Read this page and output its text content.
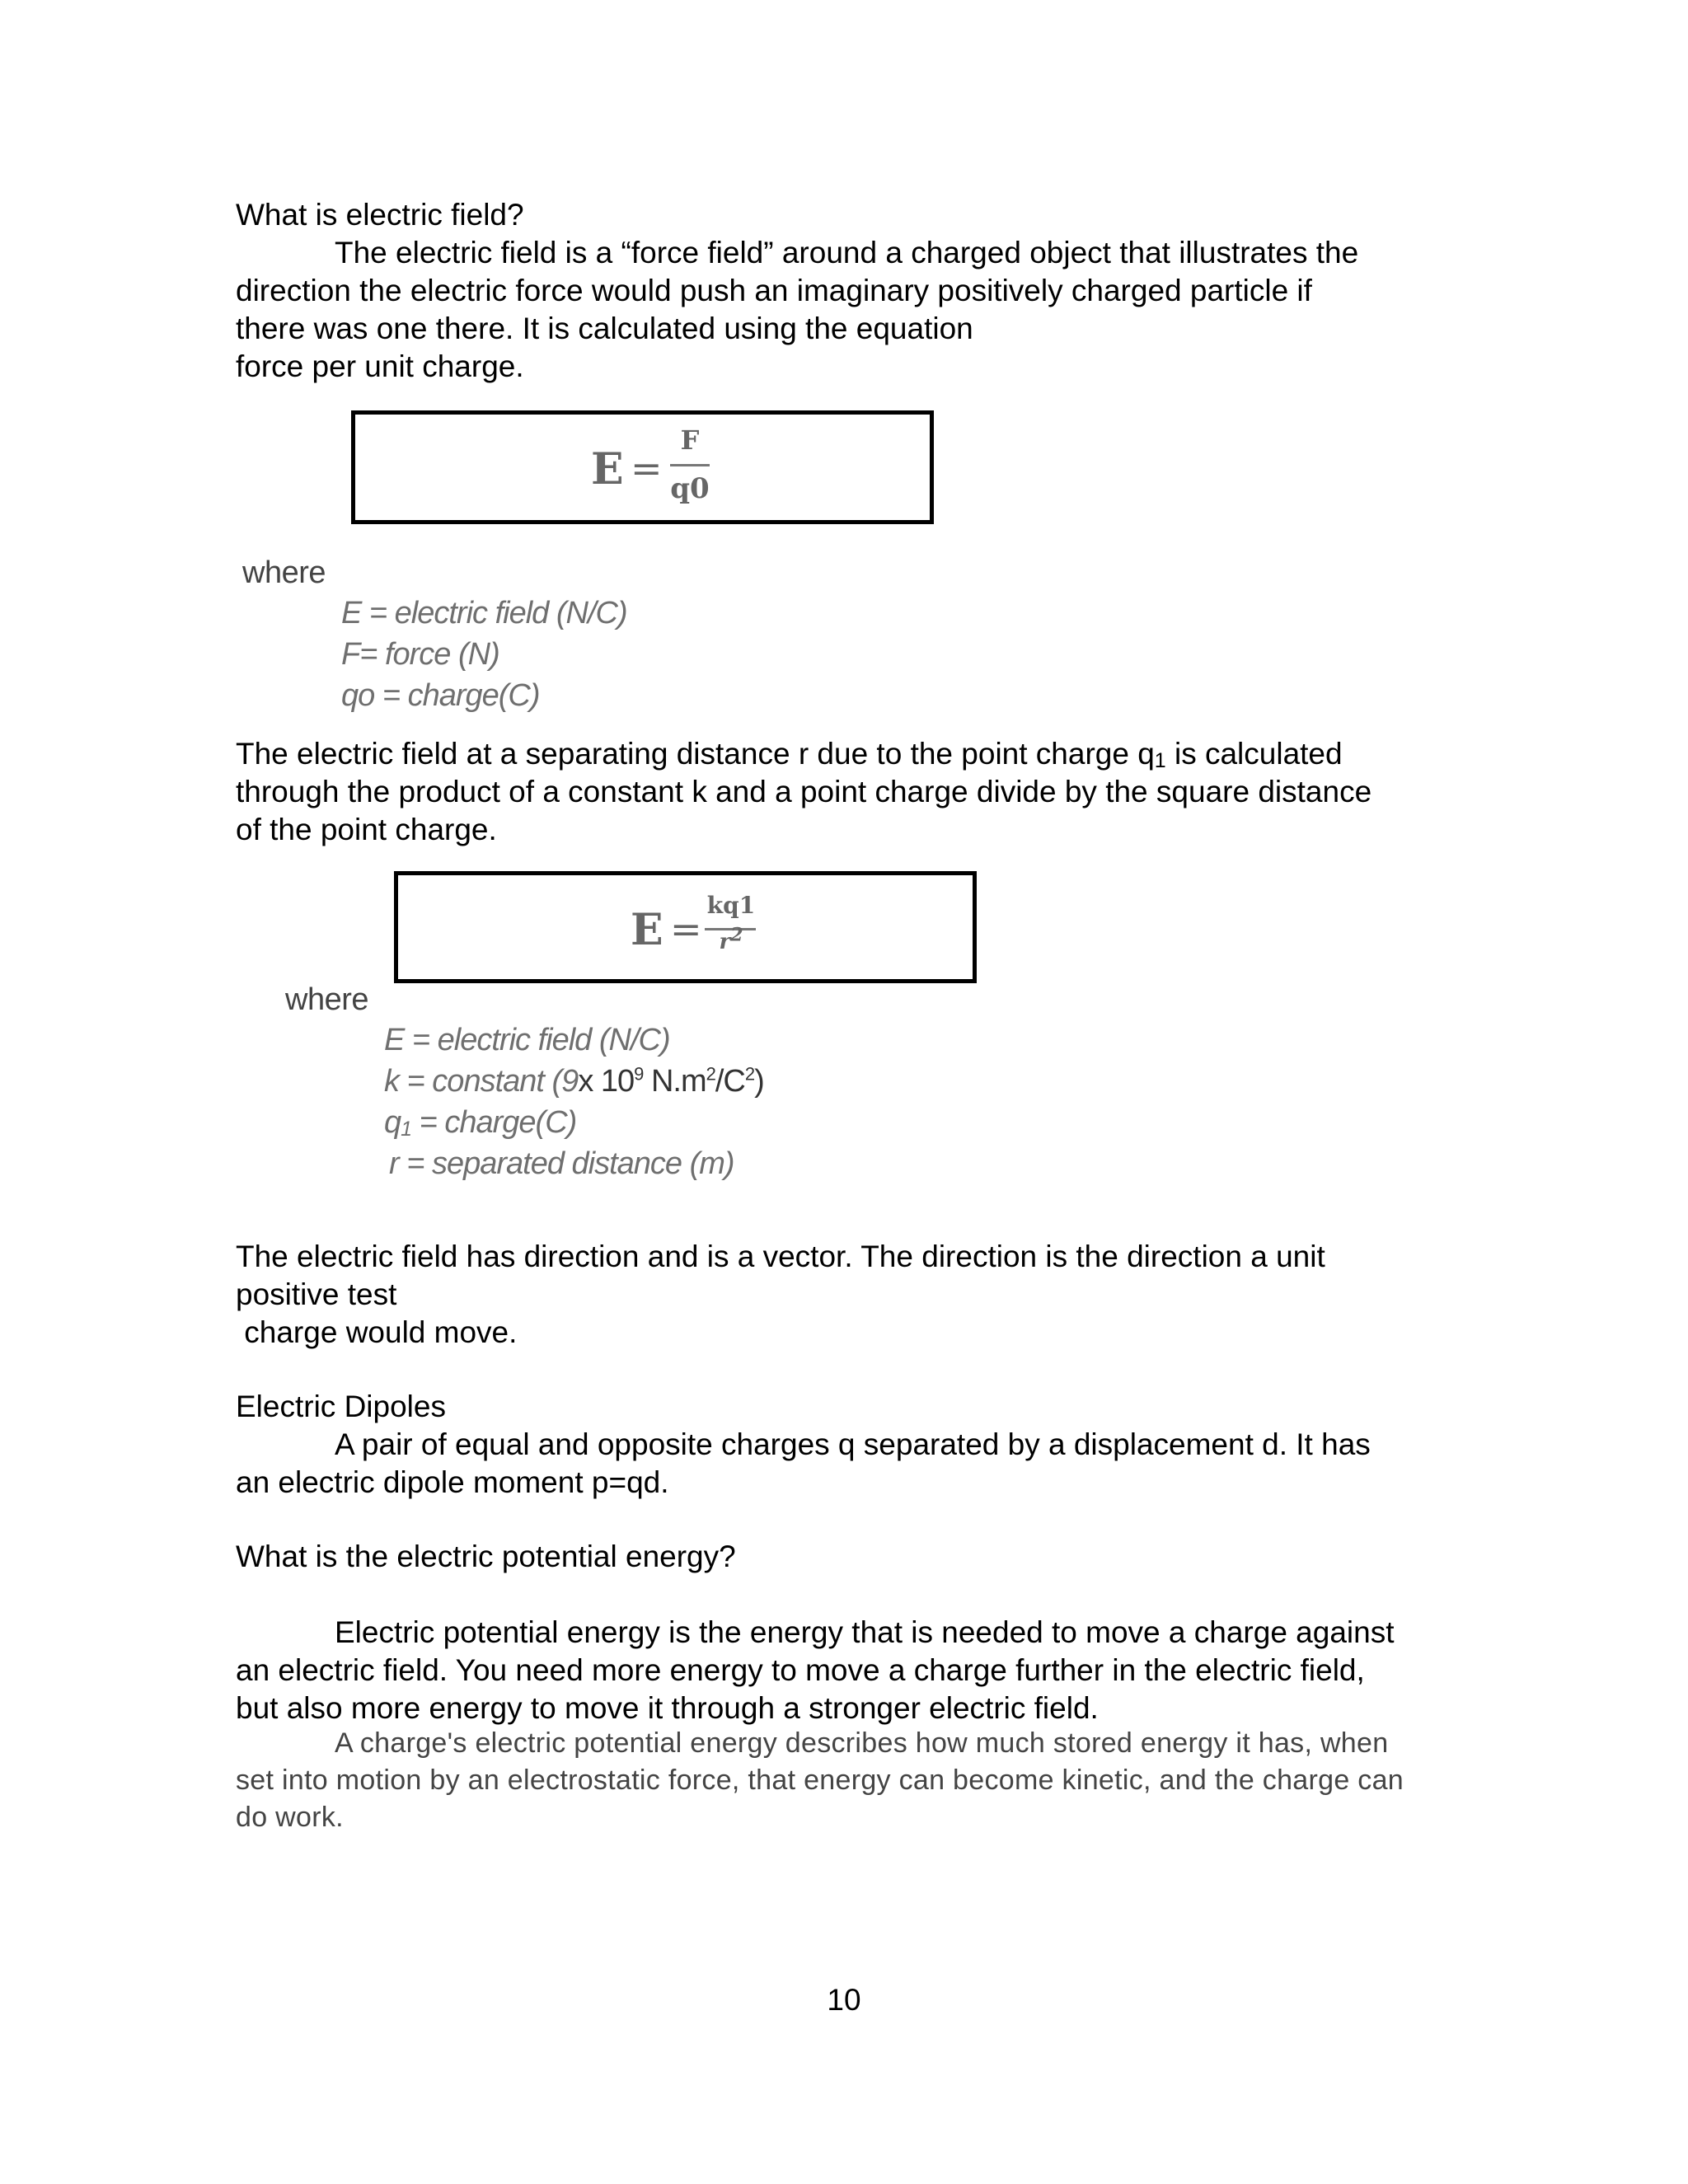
What is electric field?
The electric field is a “force field” around a charged object that illustrates the
direction the electric force would push an imaginary positively charged particle if
there was one there. It is calculated using the equation
force per unit charge.
E =
F
q0
where
E = electric field (N/C)
F= force (N)
qo = charge(C)
The electric field at a separating distance r due to the point charge q1 is calculated
through the product of a constant k and a point charge divide by the square distance
of the point charge.
E =
kq1
$r^2$
where
E = electric field (N/C)
k = constant (9x $10^9$ $N.m^2/C^2$)
q1 = charge(C)
r = separated distance (m)
The electric field has direction and is a vector. The direction is the direction a unit
positive test
charge would move.
Electric Dipoles
A pair of equal and opposite charges q separated by a displacement d. It has
an electric dipole moment p=qd.
What is the electric potential energy?
Electric potential energy is the energy that is needed to move a charge against
an electric field. You need more energy to move a charge further in the electric field,
but also more energy to move it through a stronger electric field.
A charge's electric potential energy describes how much stored energy it has, when
set into motion by an electrostatic force, that energy can become kinetic, and the charge can
do work.
10
